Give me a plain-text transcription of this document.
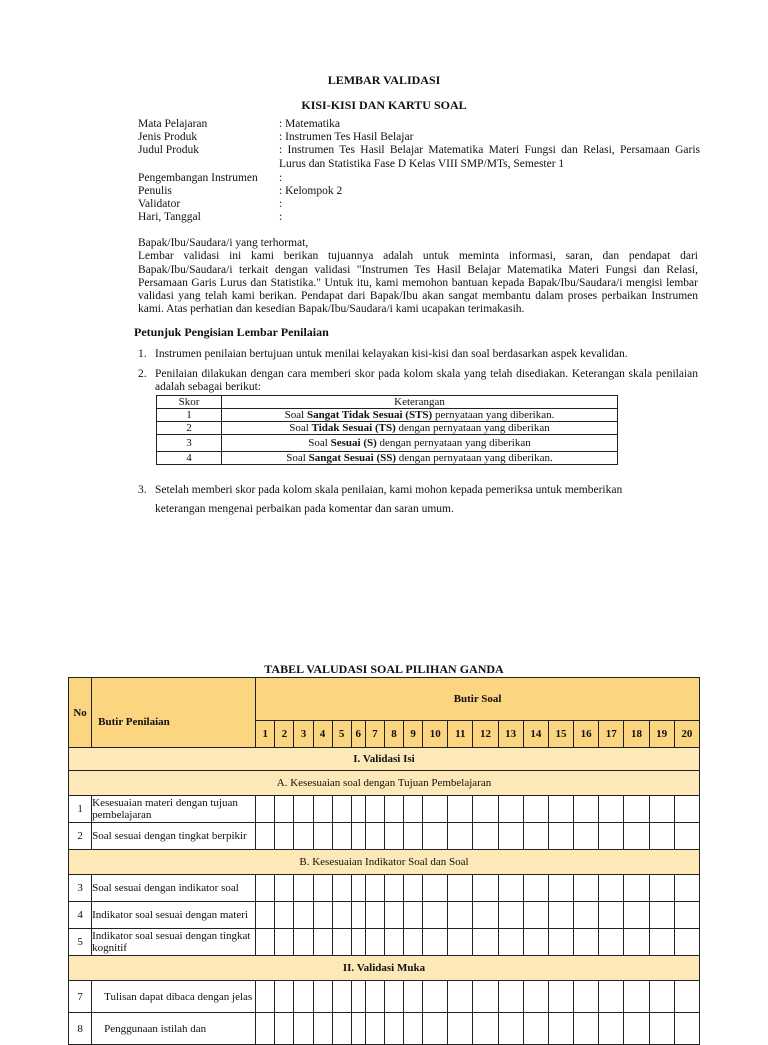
LEMBAR VALIDASI
KISI-KISI DAN KARTU SOAL
Mata Pelajaran	: Matematika
Jenis Produk	: Instrumen Tes Hasil Belajar
Judul Produk	: Instrumen Tes Hasil Belajar Matematika Materi Fungsi dan Relasi, Persamaan Garis Lurus dan Statistika Fase D Kelas VIII SMP/MTs, Semester 1
Pengembangan Instrumen	:
Penulis	: Kelompok 2
Validator	:
Hari, Tanggal	:

Bapak/Ibu/Saudara/i yang terhormat,

Lembar validasi ini kami berikan tujuannya adalah untuk meminta informasi, saran, dan pendapat dari Bapak/Ibu/Saudara/i terkait dengan validasi "Instrumen Tes Hasil Belajar Matematika Materi Fungsi dan Relasi, Persamaan Garis Lurus dan Statistika." Untuk itu, kami memohon bantuan kepada Bapak/Ibu/Saudara/i mengisi lembar validasi yang telah kami berikan. Pendapat dari Bapak/Ibu akan sangat membantu dalam proses perbaikan Instrumen kami. Atas perhatian dan kesedian Bapak/Ibu/Saudara/i kami ucapakan terimakasih.

Petunjuk Pengisian Lembar Penilaian
1. Instrumen penilaian bertujuan untuk menilai kelayakan kisi-kisi dan soal berdasarkan aspek kevalidan.
2. Penilaian dilakukan dengan cara memberi skor pada kolom skala yang telah disediakan. Keterangan skala penilaian adalah sebagai berikut:
Skor	Keterangan
1	Soal Sangat Tidak Sesuai (STS) pernyataan yang diberikan.
2	Soal Tidak Sesuai (TS) dengan pernyataan yang diberikan
3	Soal Sesuai (S) dengan pernyataan yang diberikan
4	Soal Sangat Sesuai (SS) dengan pernyataan yang diberikan.
3. Setelah memberi skor pada kolom skala penilaian, kami mohon kepada pemeriksa untuk memberikan
keterangan mengenai perbaikan pada komentar dan saran umum.
TABEL VALUDASI SOAL PILIHAN GANDA
No	Butir Penilaian	Butir Soal																			
		1	2	3	4	5	6	7	8	9	10	11	12	13	14	15	16	17	18	19	20
I. Validasi Isi																					
A. Kesesuaian soal dengan Tujuan Pembelajaran																					
1	Kesesuaian materi dengan tujuan pembelajaran																				
2	Soal sesuai dengan tingkat berpikir																				
B. Kesesuaian Indikator Soal dan Soal																					
3	Soal sesuai dengan indikator soal																				
4	Indikator soal sesuai dengan materi																				
5	Indikator soal sesuai dengan tingkat kognitif																				
II. Validasi Muka																					
7	Tulisan dapat dibaca dengan jelas																				
8	Penggunaan istilah dan																				
